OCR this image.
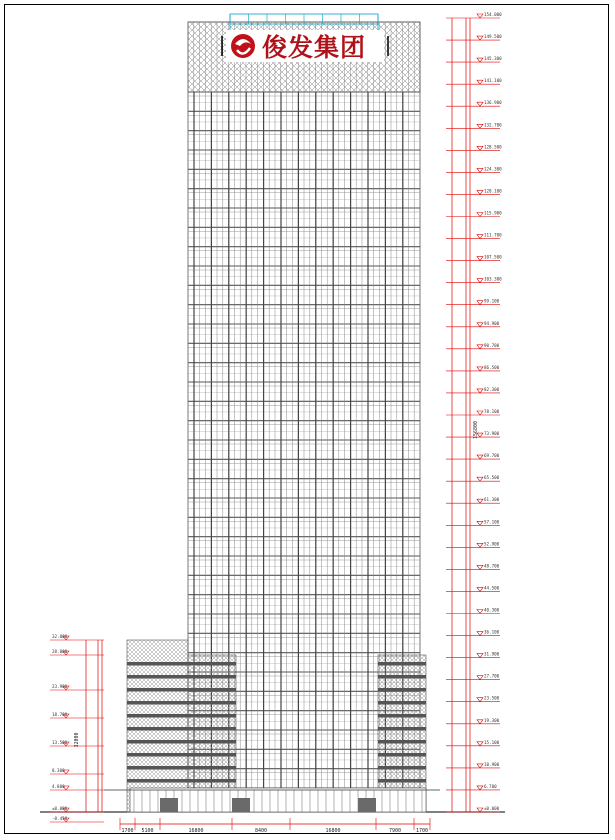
俊发集团
154.000
149.500
145.300
141.100
136.900
132.700
128.500
124.300
120.100
115.900
111.700
107.500
103.300
99.100
94.900
90.700
86.500
82.300
78.100
73.900
69.700
65.500
61.300
57.100
52.900
48.700
44.500
40.300
36.100
31.900
27.700
23.500
19.300
15.100
10.900
6.700
±0.000
156800
32.000
28.000
23.900
18.700
13.500
8.300
4.800
±0.000
-0.450
32000
1700 5100	16800	8400	16800	7900	1700
